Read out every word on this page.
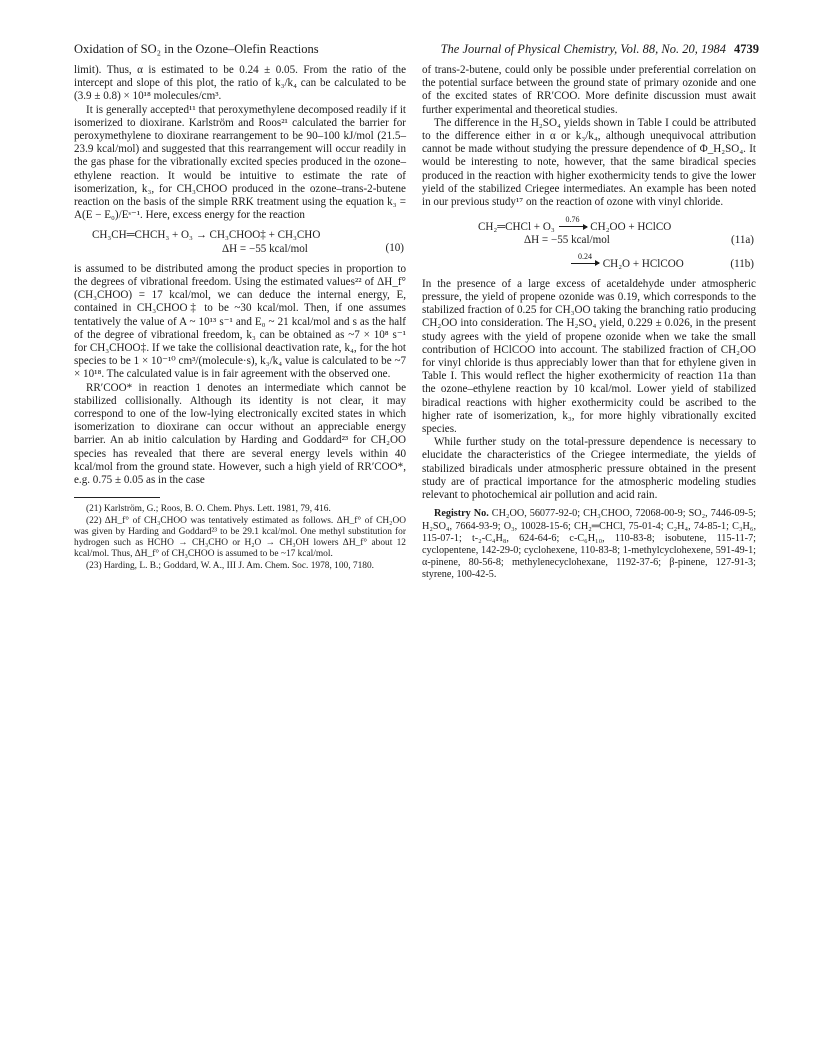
Oxidation of SO₂ in the Ozone–Olefin Reactions	The Journal of Physical Chemistry, Vol. 88, No. 20, 1984 4739

limit). Thus, α is estimated to be 0.24 ± 0.05. From the ratio of the intercept and slope of this plot, the ratio of k₃/k₄ can be calculated to be (3.9 ± 0.8) × 10¹⁸ molecules/cm³.

It is generally accepted¹¹ that peroxymethylene decomposed readily if it isomerized to dioxirane. Karlström and Roos²¹ calculated the barrier for peroxymethylene to dioxirane rearrangement to be 90–100 kJ/mol (21.5–23.9 kcal/mol) and suggested that this rearrangement will occur readily in the gas phase for the vibrationally excited species produced in the ozone–ethylene reaction. It would be intuitive to estimate the rate of isomerization, k₃, for CH₃CHOO produced in the ozone–trans-2-butene reaction on the basis of the simple RRK treatment using the equation k₃ = A(E − E₀)/Eˢ⁻¹. Here, excess energy for the reaction

CH₃CH═CHCH₃ + O₃ → CH₃CHOO‡ + CH₃CHO
ΔH = −55 kcal/mol	(10)

is assumed to be distributed among the product species in proportion to the degrees of vibrational freedom. Using the estimated values²² of ΔH_f°(CH₃CHOO) = 17 kcal/mol, we can deduce the internal energy, E, contained in CH₃CHOO‡ to be ~30 kcal/mol. Then, if one assumes tentatively the value of A ~ 10¹³ s⁻¹ and E₀ ~ 21 kcal/mol and s as the half of the degree of vibrational freedom, k₃ can be obtained as ~7 × 10⁸ s⁻¹ for CH₃CHOO‡. If we take the collisional deactivation rate, k₄, for the hot species to be 1 × 10⁻¹⁰ cm³/(molecule·s), k₃/k₄ value is calculated to be ~7 × 10¹⁸. The calculated value is in fair agreement with the observed one.

RR′COO* in reaction 1 denotes an intermediate which cannot be stabilized collisionally. Although its identity is not clear, it may correspond to one of the low-lying electronically excited states in which isomerization to dioxirane can occur without an appreciable energy barrier. An ab initio calculation by Harding and Goddard²³ for CH₂OO species has revealed that there are several energy levels within 40 kcal/mol from the ground state. However, such a high yield of RR′COO*, e.g. 0.75 ± 0.05 as in the case

(21) Karlström, G.; Roos, B. O. Chem. Phys. Lett. 1981, 79, 416.

(22) ΔH_f° of CH₃CHOO was tentatively estimated as follows. ΔH_f° of CH₂OO was given by Harding and Goddard²³ to be 29.1 kcal/mol. One methyl substitution for hydrogen such as HCHO → CH₃CHO or H₂O → CH₃OH lowers ΔH_f° about 12 kcal/mol. Thus, ΔH_f° of CH₃CHOO is assumed to be ~17 kcal/mol.

(23) Harding, L. B.; Goddard, W. A., III J. Am. Chem. Soc. 1978, 100, 7180.

of trans-2-butene, could only be possible under preferential correlation on the potential surface between the ground state of primary ozonide and one of the excited states of RR′COO. More definite discussion must await further experimental and theoretical studies.

The difference in the H₂SO₄ yields shown in Table I could be attributed to the difference either in α or k₃/k₄, although unequivocal attribution cannot be made without studying the pressure dependence of Φ_H₂SO₄. It would be interesting to note, however, that the same biradical species produced in the reaction with higher exothermicity tends to give the lower yield of the stabilized Criegee intermediates. An example has been noted in our previous study¹⁷ on the reaction of ozone with vinyl chloride.

CH₂═CHCl + O₃
0.76
CH₂OO + HClCO
ΔH = −55 kcal/mol	(11a)
0.24
CH₂O + HClCOO	(11b)

In the presence of a large excess of acetaldehyde under atmospheric pressure, the yield of propene ozonide was 0.19, which corresponds to the stabilized fraction of 0.25 for CH₃OO taking the branching ratio producing CH₂OO into consideration. The H₂SO₄ yield, 0.229 ± 0.026, in the present study agrees with the yield of propene ozonide when we take the small contribution of HClCOO into account. The stabilized fraction of CH₂OO for vinyl chloride is thus appreciably lower than that for ethylene given in Table I. This would reflect the higher exothermicity of reaction 11a than the ozone–ethylene reaction by 10 kcal/mol. Lower yield of stabilized biradical reactions with higher exothermicity could be ascribed to the higher rate of isomerization, k₃, for more highly vibrationally excited species.

While further study on the total-pressure dependence is necessary to elucidate the characteristics of the Criegee intermediate, the yields of stabilized biradicals under atmospheric pressure obtained in the present study are of practical importance for the atmospheric modeling studies relevant to photochemical air pollution and acid rain.

Registry No. CH₂OO, 56077-92-0; CH₃CHOO, 72068-00-9; SO₂, 7446-09-5; H₂SO₄, 7664-93-9; O₃, 10028-15-6; CH₂═CHCl, 75-01-4; C₂H₄, 74-85-1; C₃H₆, 115-07-1; t-₂-C₄H₈, 624-64-6; c-C₆H₁₀, 110-83-8; isobutene, 115-11-7; cyclopentene, 142-29-0; cyclohexene, 110-83-8; 1-methylcyclohexene, 591-49-1; α-pinene, 80-56-8; methylenecyclohexane, 1192-37-6; β-pinene, 127-91-3; styrene, 100-42-5.
